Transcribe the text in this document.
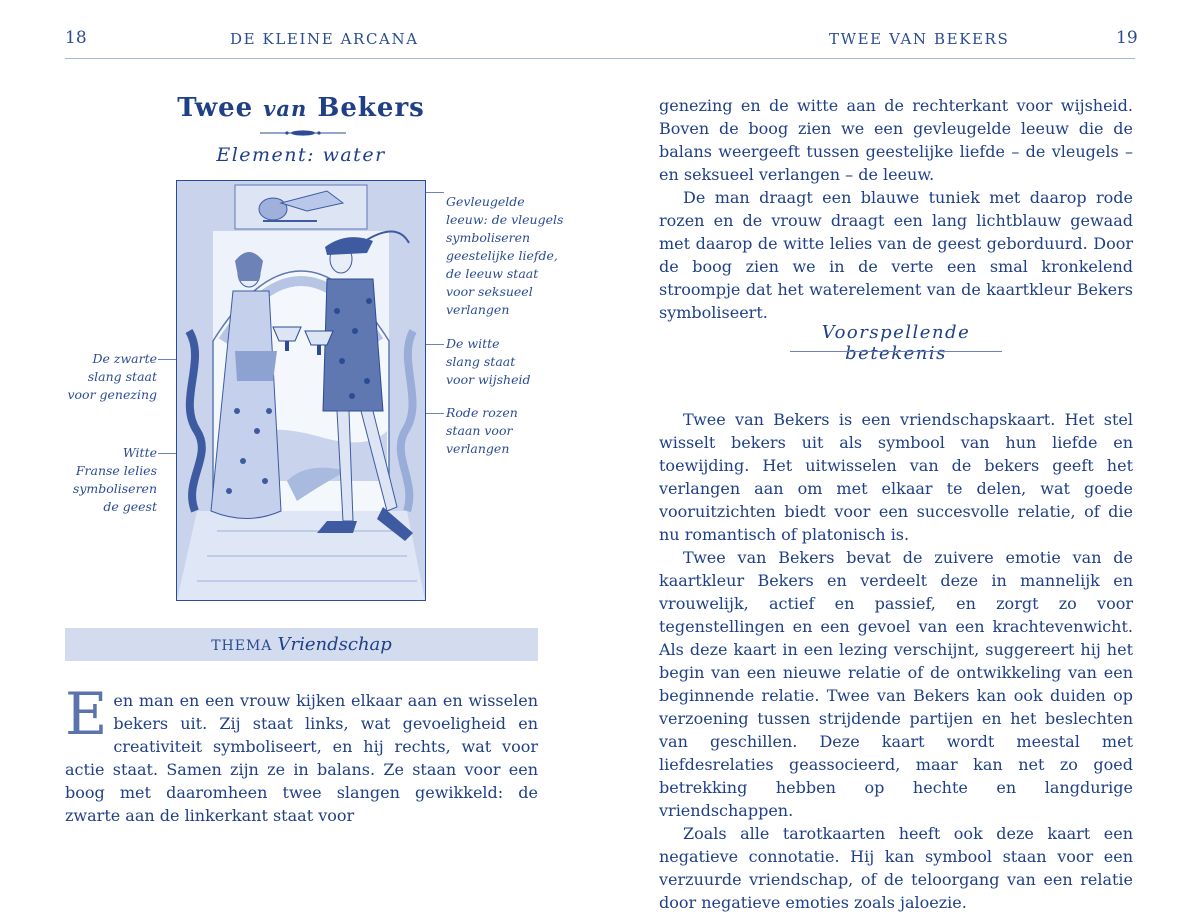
18	DE KLEINE ARCANA	TWEE VAN BEKERS	19
Twee van Bekers
Element: water
Gevleugelde
leeuw: de vleugels
symboliseren
geestelijke liefde,
de leeuw staat
voor seksueel
verlangen
De witte
slang staat
voor wijsheid
Rode rozen
staan voor
verlangen
De zwarte
slang staat
voor genezing
Witte
Franse lelies
symboliseren
de geest
THEMA Vriendschap
Een man en een vrouw kijken elkaar aan en wisselen bekers uit. Zij staat links, wat gevoeligheid en creativiteit symboliseert, en hij rechts, wat voor actie staat. Samen zijn ze in balans. Ze staan voor een boog met daaromheen twee slangen gewikkeld: de zwarte aan de linkerkant staat voor

genezing en de witte aan de rechterkant voor wijsheid. Boven de boog zien we een gevleugelde leeuw die de balans weergeeft tussen geestelijke liefde – de vleugels – en seksueel verlangen – de leeuw.

De man draagt een blauwe tuniek met daarop rode rozen en de vrouw draagt een lang lichtblauw gewaad met daarop de witte lelies van de geest geborduurd. Door de boog zien we in de verte een smal kronkelend stroompje dat het waterelement van de kaartkleur Bekers symboliseert.

Twee van Bekers is een vriendschapskaart. Het stel wisselt bekers uit als symbool van hun liefde en toewijding. Het uitwisselen van de bekers geeft het verlangen aan om met elkaar te delen, wat goede vooruitzichten biedt voor een succesvolle relatie, of die nu romantisch of platonisch is.

Twee van Bekers bevat de zuivere emotie van de kaartkleur Bekers en verdeelt deze in mannelijk en vrouwelijk, actief en passief, en zorgt zo voor tegenstellingen en een gevoel van een krachtevenwicht. Als deze kaart in een lezing verschijnt, suggereert hij het begin van een nieuwe relatie of de ontwikkeling van een beginnende relatie. Twee van Bekers kan ook duiden op verzoening tussen strijdende partijen en het beslechten van geschillen. Deze kaart wordt meestal met liefdesrelaties geassocieerd, maar kan net zo goed betrekking hebben op hechte en langdurige vriendschappen.

Zoals alle tarotkaarten heeft ook deze kaart een negatieve connotatie. Hij kan symbool staan voor een verzuurde vriendschap, of de teloorgang van een relatie door negatieve emoties zoals jaloezie.

Voorspellende betekenis
